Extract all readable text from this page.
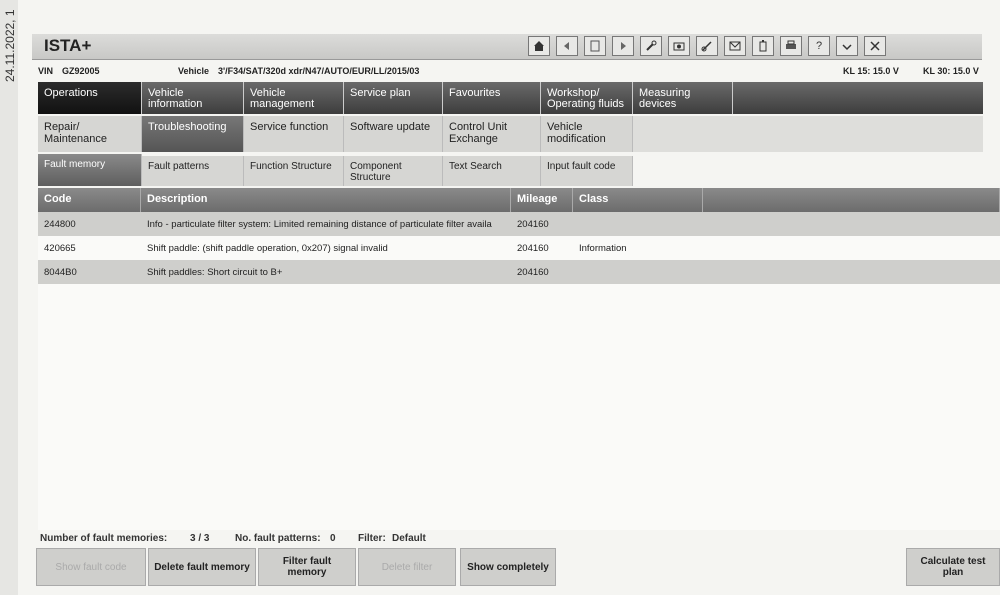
24.11.2022, 1 ISTA+	?
VIN GZ92005	Vehicle 3'/F34/SAT/320d xdr/N47/AUTO/EUR/LL/2015/03	KL 15: 15.0 V	KL 30: 15.0 V
Operations	Vehicle information
Vehicle management
Service plan	Favourites	Workshop/ Operating fluids
Measuring devices
Repair/ Maintenance
Troubleshooting	Service function	Software update	Control Unit Exchange
Vehicle modification
Fault memory	Fault patterns	Function Structure	Component Structure
Text Search	Input fault code
Code	Description	Mileage	Class
244800	Info - particulate filter system: Limited remaining distance of particulate filter availa	204160
420665	Shift paddle: (shift paddle operation, 0x207) signal invalid	204160	Information
8044B0	Shift paddles: Short circuit to B+	204160
Number of fault memories: 3 / 3	No. fault patterns: 0 Filter: Default
Show fault code	Delete fault memory	Filter fault memory	Delete filter	Show completely	Calculate test plan
